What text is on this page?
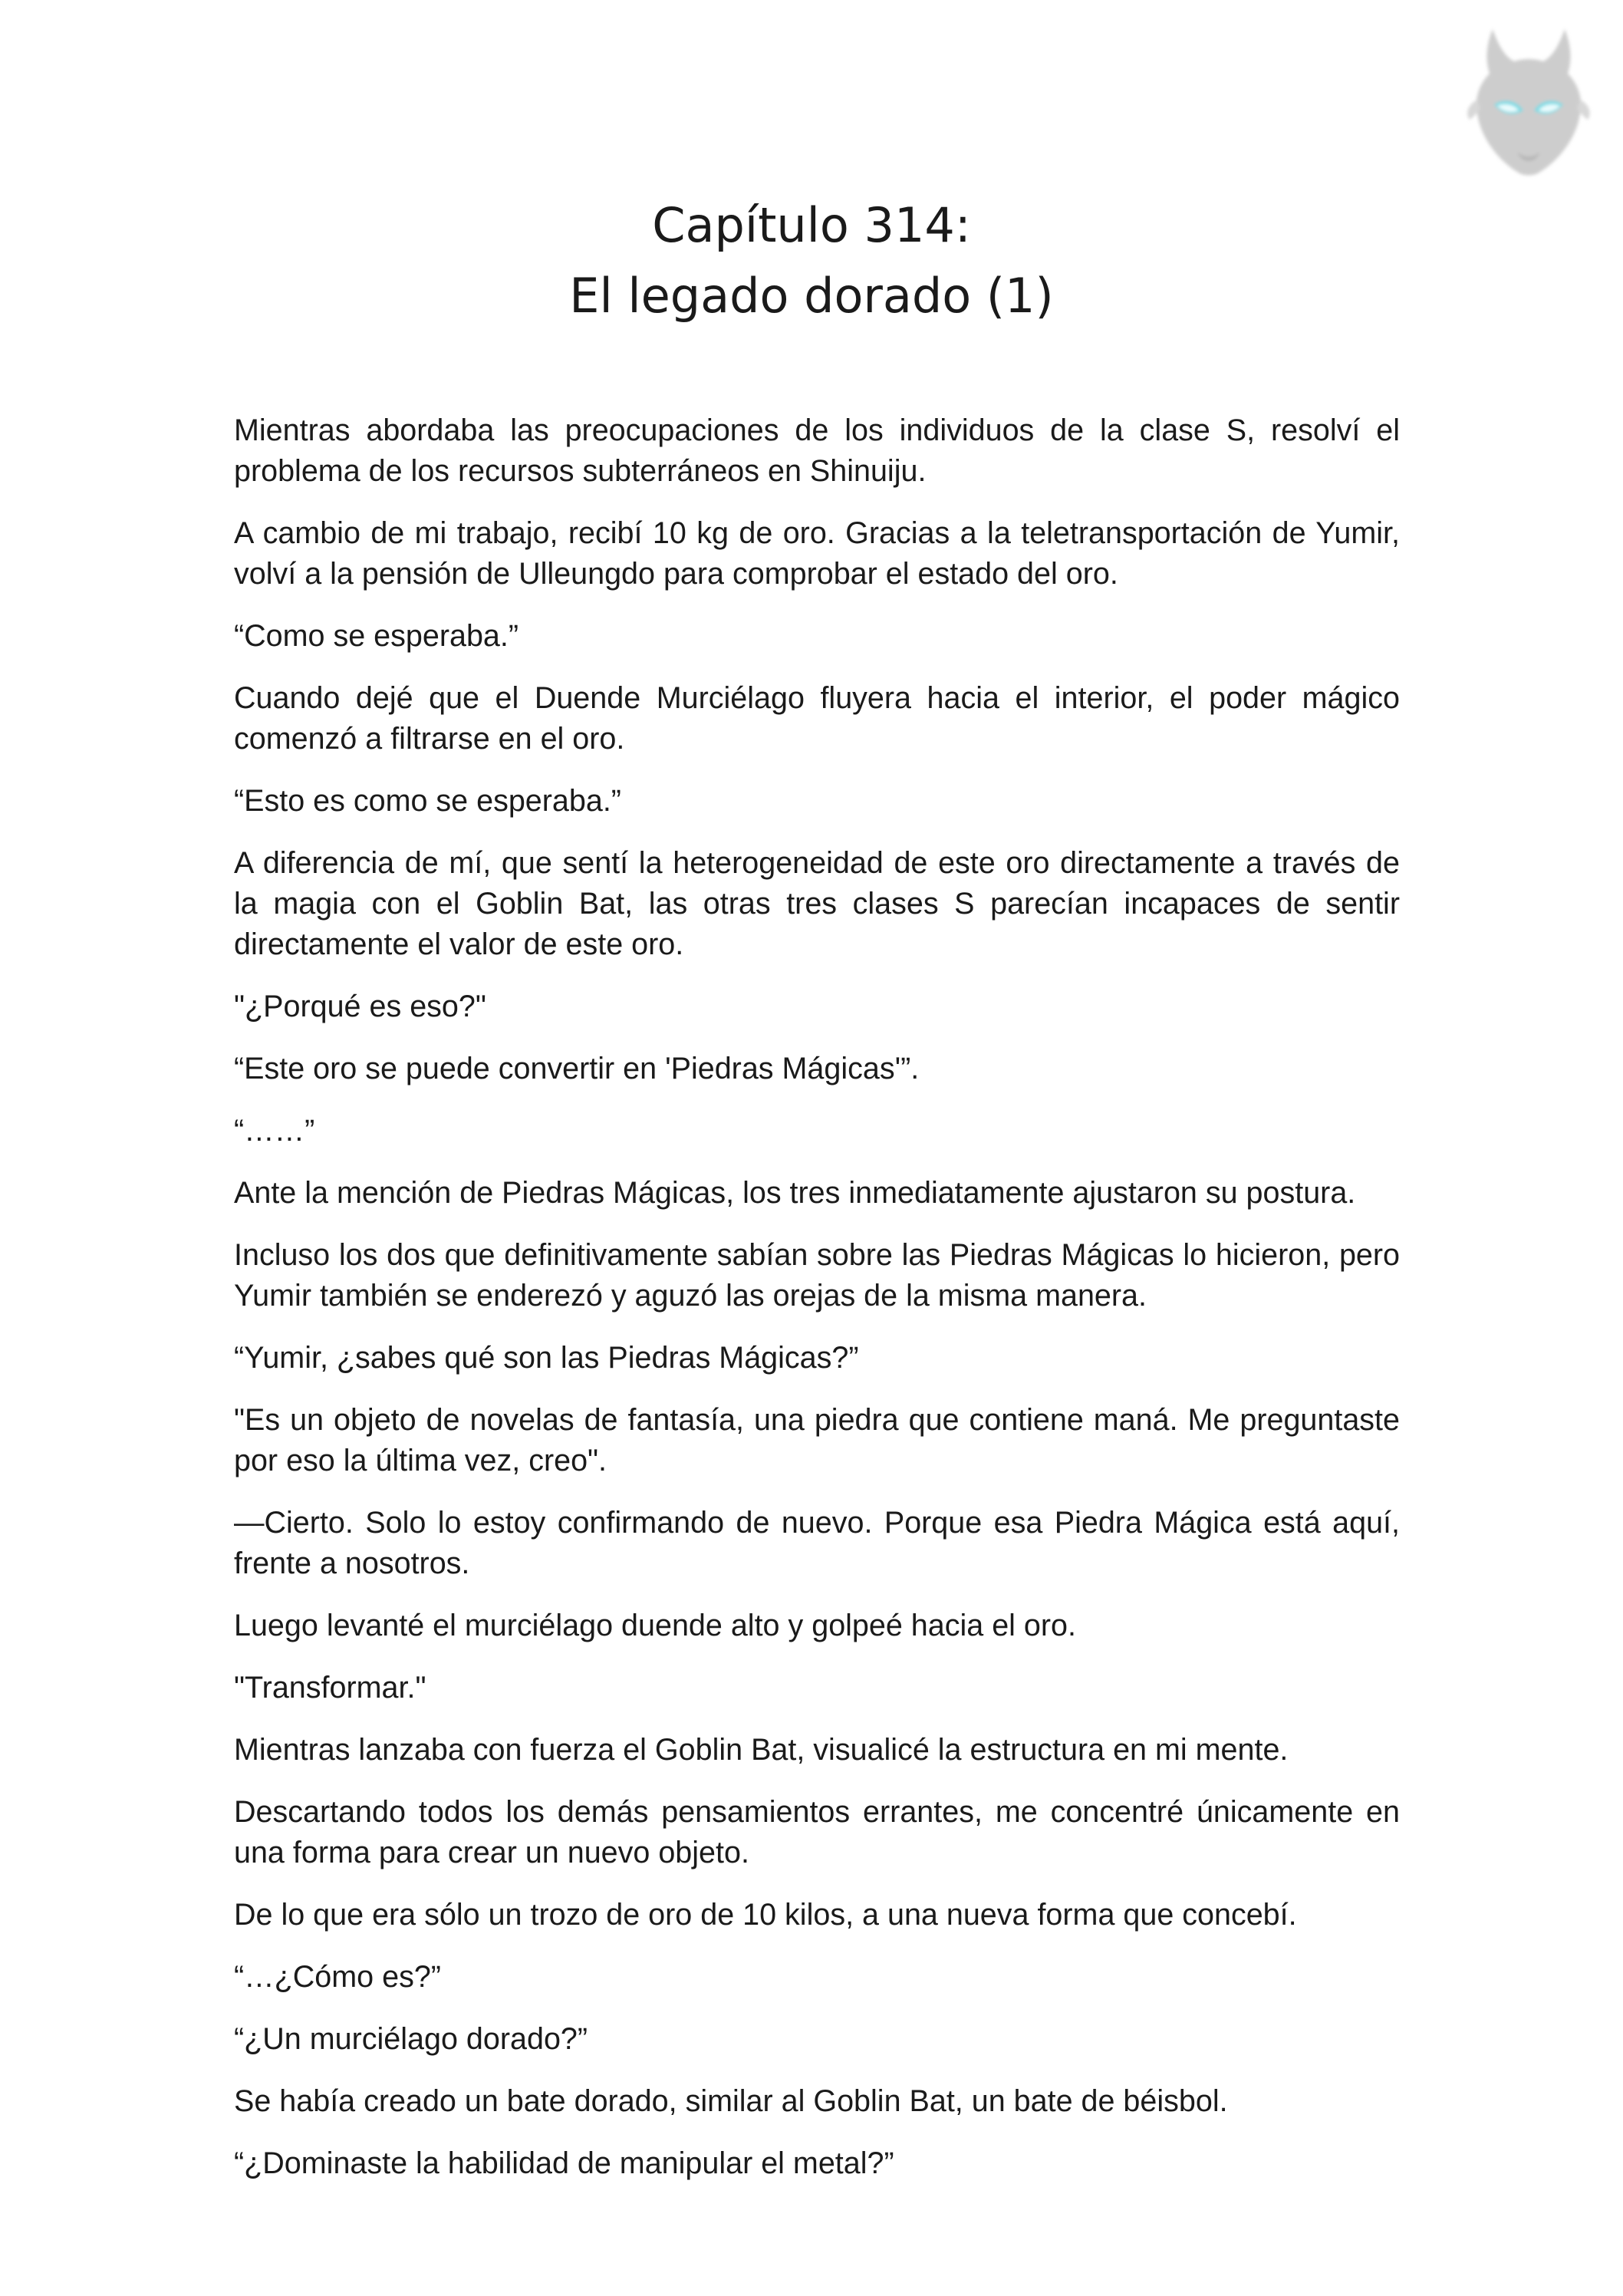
Capítulo 314:
El legado dorado (1)

Mientras abordaba las preocupaciones de los individuos de la clase S, resolví el problema de los recursos subterráneos en Shinuiju.

A cambio de mi trabajo, recibí 10 kg de oro. Gracias a la teletransportación de Yumir, volví a la pensión de Ulleungdo para comprobar el estado del oro.

“Como se esperaba.”

Cuando dejé que el Duende Murciélago fluyera hacia el interior, el poder mágico comenzó a filtrarse en el oro.

“Esto es como se esperaba.”

A diferencia de mí, que sentí la heterogeneidad de este oro directamente a través de la magia con el Goblin Bat, las otras tres clases S parecían incapaces de sentir directamente el valor de este oro.

"¿Porqué es eso?"

“Este oro se puede convertir en 'Piedras Mágicas'”.

“……”

Ante la mención de Piedras Mágicas, los tres inmediatamente ajustaron su postura.

Incluso los dos que definitivamente sabían sobre las Piedras Mágicas lo hicieron, pero Yumir también se enderezó y aguzó las orejas de la misma manera.

“Yumir, ¿sabes qué son las Piedras Mágicas?”

"Es un objeto de novelas de fantasía, una piedra que contiene maná. Me preguntaste por eso la última vez, creo".

—Cierto. Solo lo estoy confirmando de nuevo. Porque esa Piedra Mágica está aquí, frente a nosotros.

Luego levanté el murciélago duende alto y golpeé hacia el oro.

"Transformar."

Mientras lanzaba con fuerza el Goblin Bat, visualicé la estructura en mi mente.

Descartando todos los demás pensamientos errantes, me concentré únicamente en una forma para crear un nuevo objeto.

De lo que era sólo un trozo de oro de 10 kilos, a una nueva forma que concebí.

“…¿Cómo es?”

“¿Un murciélago dorado?”

Se había creado un bate dorado, similar al Goblin Bat, un bate de béisbol.

“¿Dominaste la habilidad de manipular el metal?”
